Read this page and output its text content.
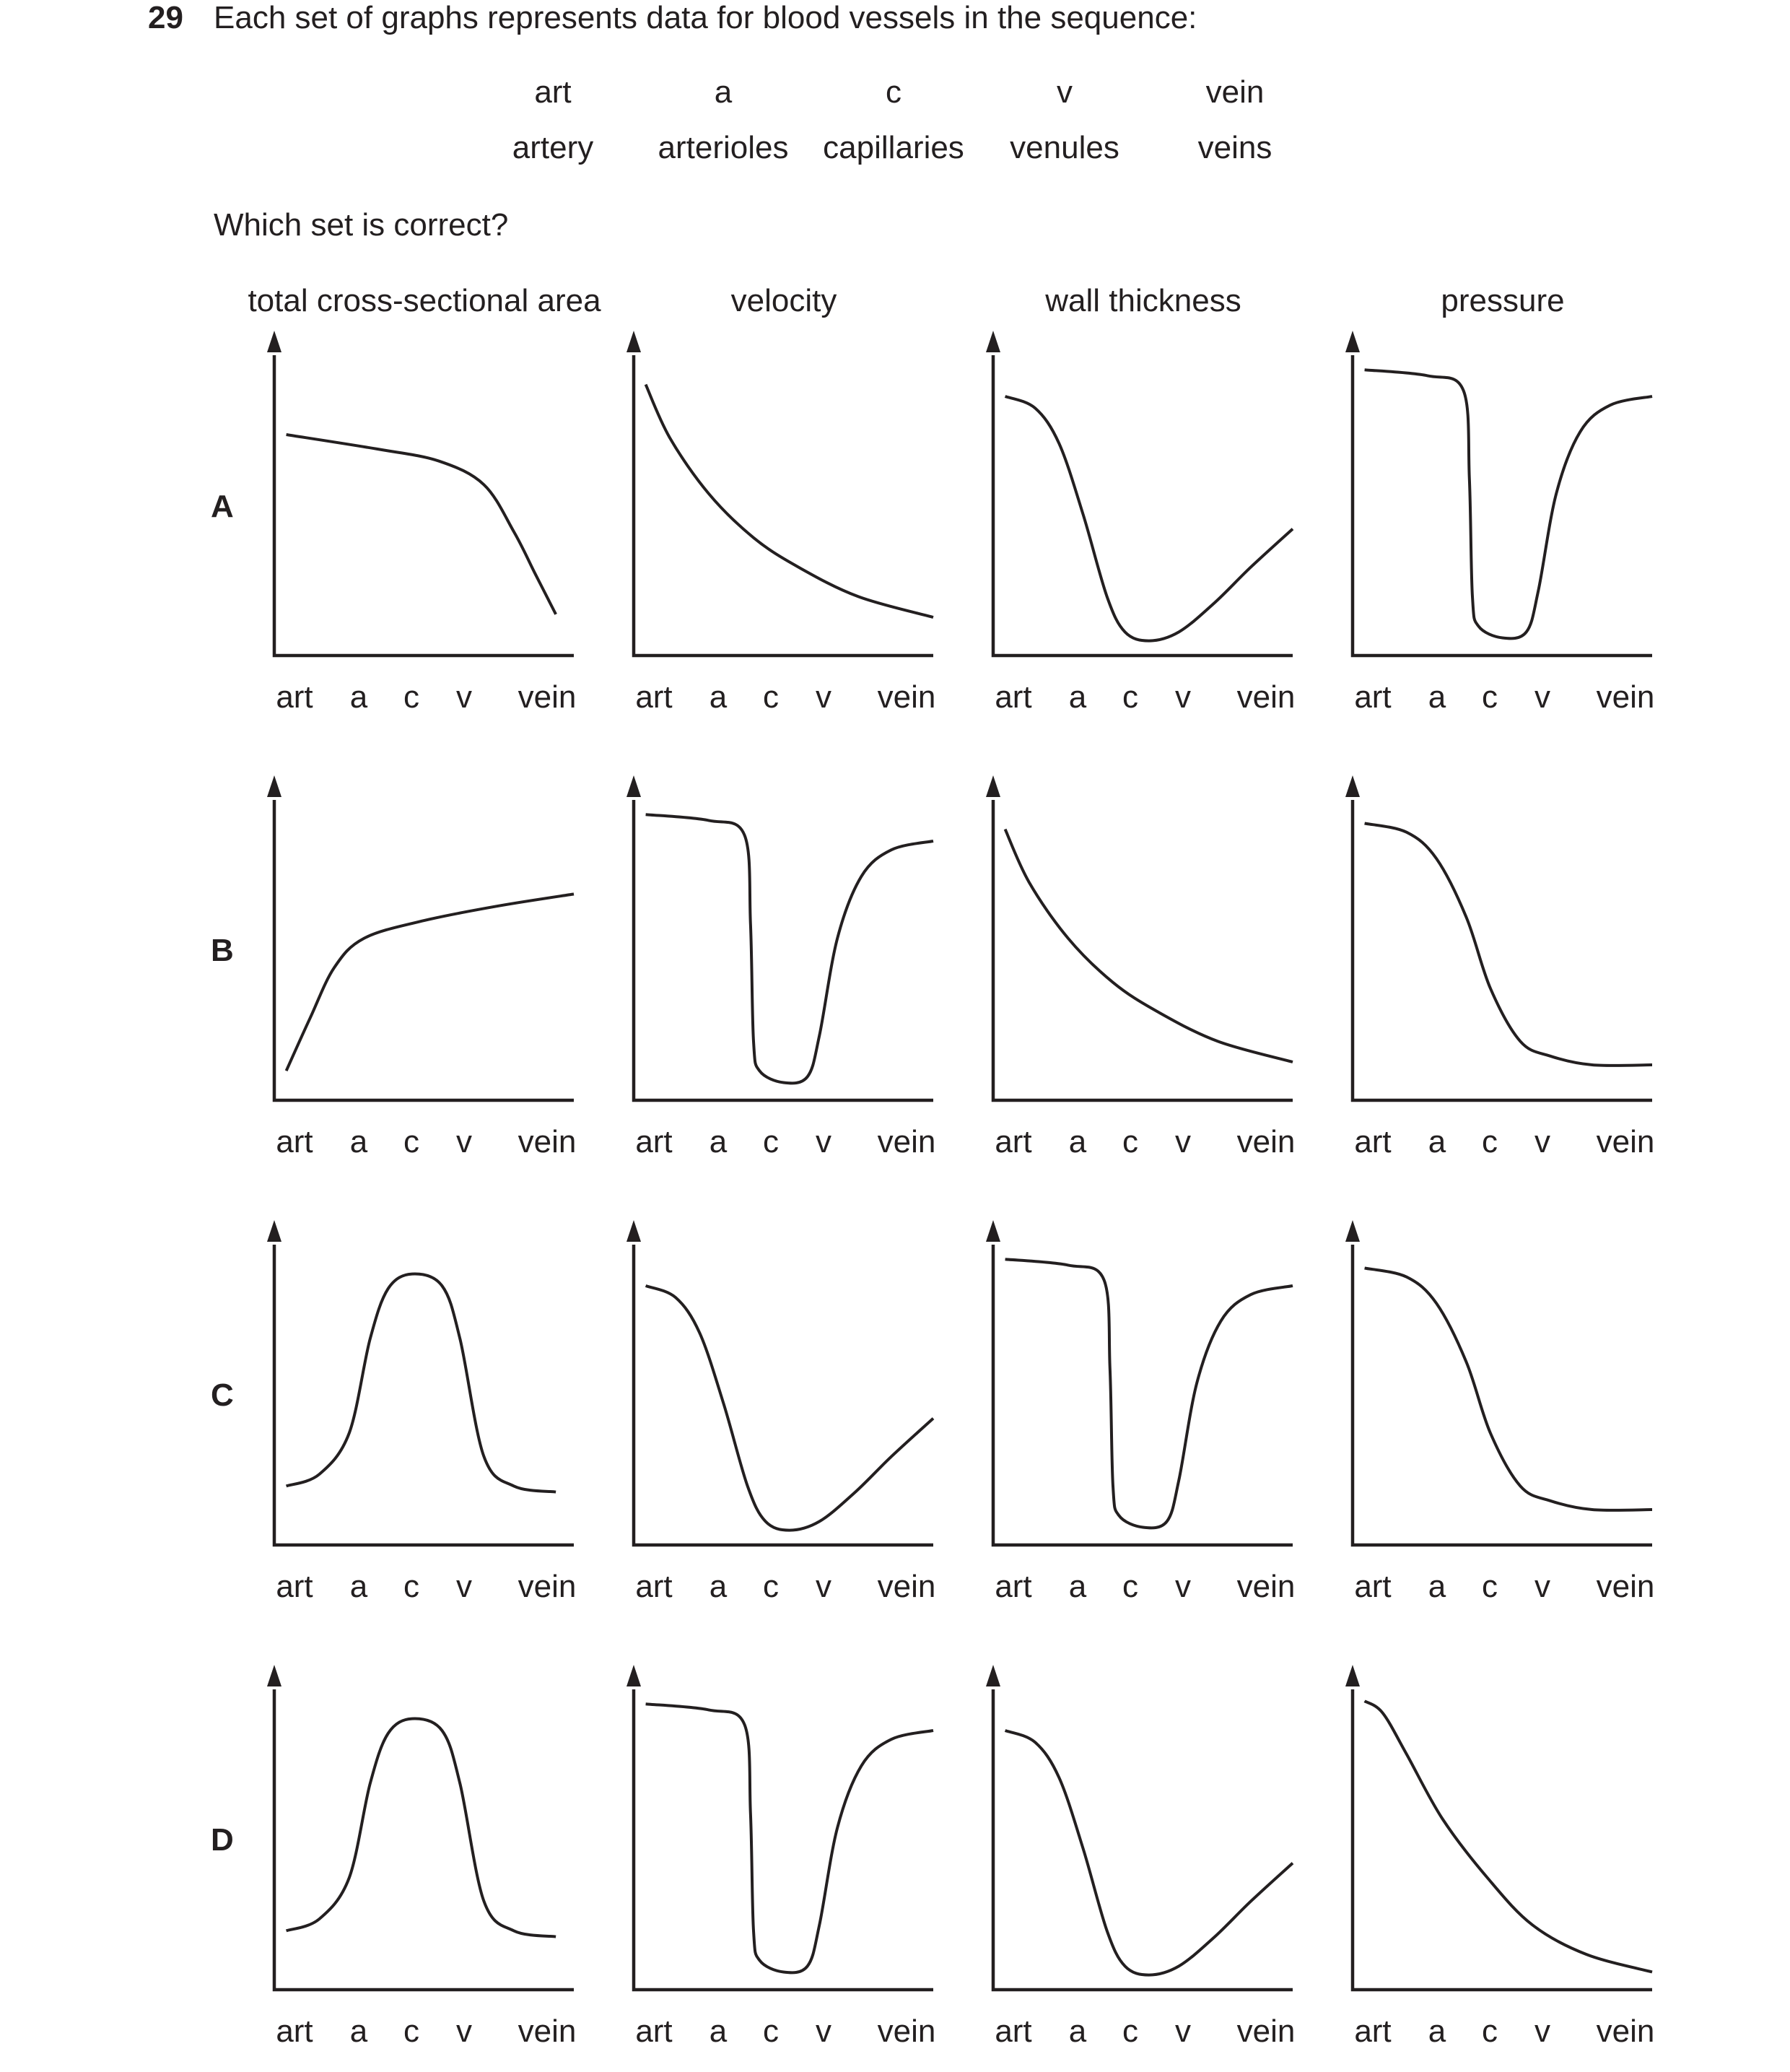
29 Each set of graphs represents data for blood vessels in the sequence:
art	a	c	v	vein
artery	arterioles	capillaries	venules	veins
Which set is correct?
total cross-sectional area	velocity	wall thickness	pressure
A
B
C
D
art a c v vein art a c v vein art a c v vein art a c v vein
art a c v vein art a c v vein art a c v vein art a c v vein
art a c v vein art a c v vein art a c v vein art a c v vein
art a c v vein art a c v vein art a c v vein art a c v vein
